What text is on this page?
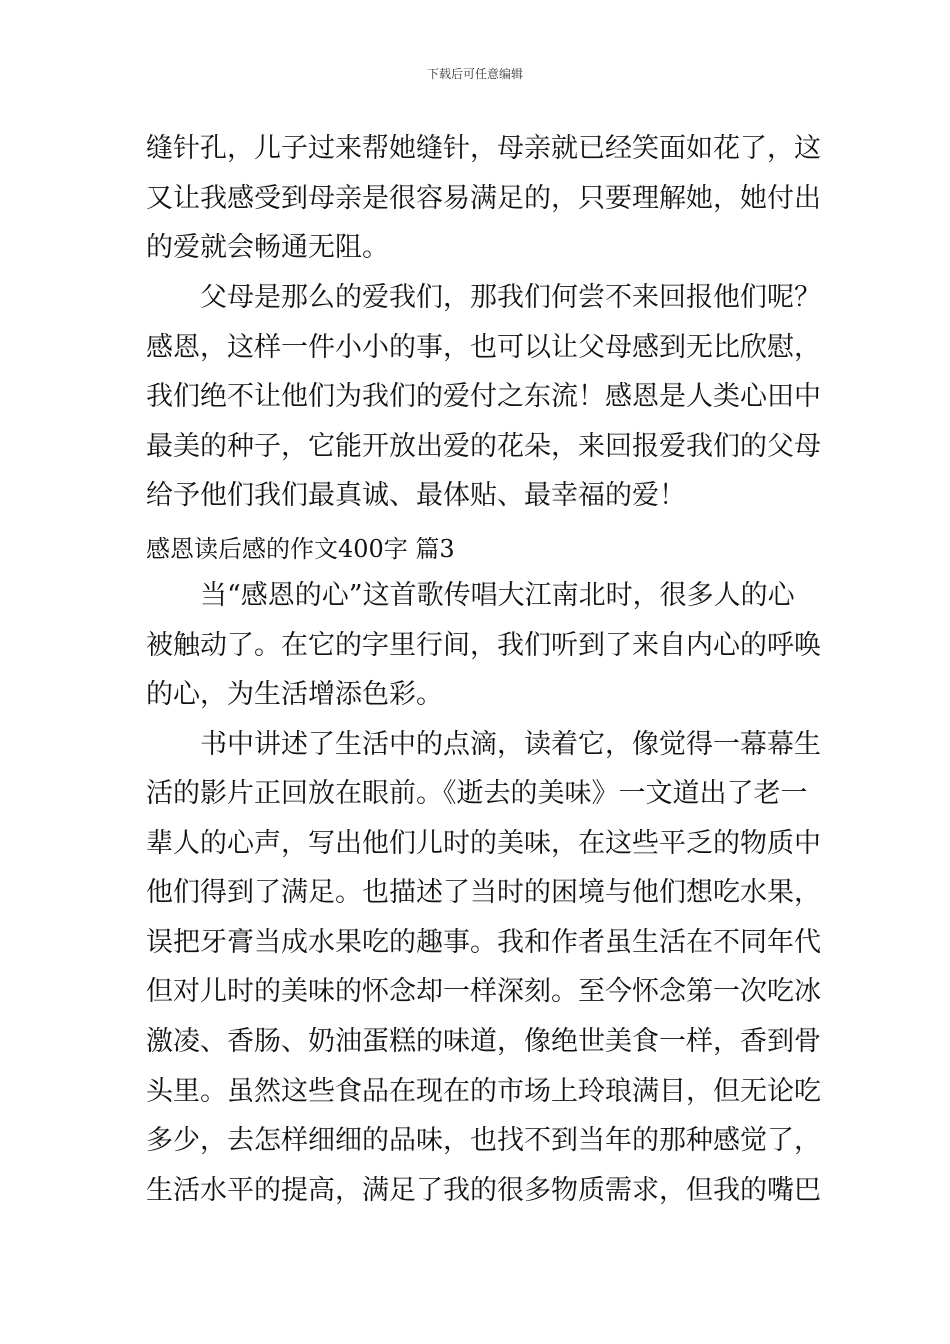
下载后可任意编辑
缝针孔，儿子过来帮她缝针，母亲就已经笑面如花了，这
又让我感受到母亲是很容易满足的，只要理解她，她付出
的爱就会畅通无阻。
　　父母是那么的爱我们，那我们何尝不来回报他们呢？
感恩，这样一件小小的事，也可以让父母感到无比欣慰，
我们绝不让他们为我们的爱付之东流！感恩是人类心田中
最美的种子，它能开放出爱的花朵，来回报爱我们的父母
给予他们我们最真诚、最体贴、最幸福的爱！
感恩读后感的作文400字 篇3
　　当“感恩的心”这首歌传唱大江南北时，很多人的心
被触动了。在它的字里行间，我们听到了来自内心的呼唤
的心，为生活增添色彩。
　　书中讲述了生活中的点滴，读着它，像觉得一幕幕生
活的影片正回放在眼前。《逝去的美味》一文道出了老一
辈人的心声，写出他们儿时的美味，在这些平乏的物质中
他们得到了满足。也描述了当时的困境与他们想吃水果，
误把牙膏当成水果吃的趣事。我和作者虽生活在不同年代
但对儿时的美味的怀念却一样深刻。至今怀念第一次吃冰
激凌、香肠、奶油蛋糕的味道，像绝世美食一样，香到骨
头里。虽然这些食品在现在的市场上玲琅满目，但无论吃
多少，去怎样细细的品味，也找不到当年的那种感觉了，
生活水平的提高，满足了我的很多物质需求，但我的嘴巴
